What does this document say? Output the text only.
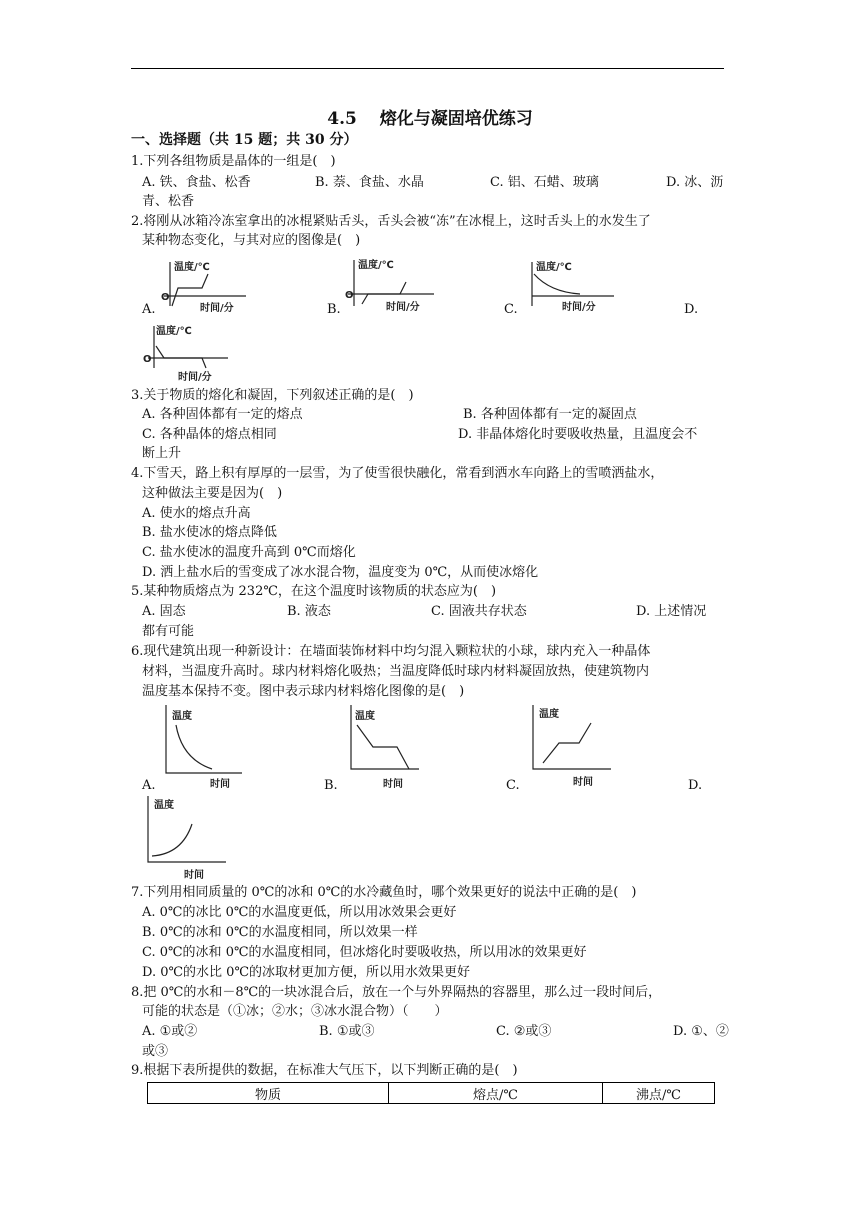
4.5　 熔化与凝固培优练习
一、选择题（共 15 题；共 30 分）
1.下列各组物质是晶体的一组是(　)
A. 铁、食盐、松香	B. 萘、食盐、水晶	C. 铝、石蜡、玻璃	D. 冰、沥
青、松香
2.将刚从冰箱冷冻室拿出的冰棍紧贴舌头，舌头会被“冻”在冰棍上，这时舌头上的水发生了
某种物态变化，与其对应的图像是(　)
温度/℃
O
时间/分
A.
温度/℃
O
时间/分
B.
温度/℃
时间/分
C.	D.
温度/℃
O
时间/分
3.关于物质的熔化和凝固，下列叙述正确的是(　)
A. 各种固体都有一定的熔点	B. 各种固体都有一定的凝固点
C. 各种晶体的熔点相同	D. 非晶体熔化时要吸收热量，且温度会不
断上升
4.下雪天，路上积有厚厚的一层雪，为了使雪很快融化，常看到洒水车向路上的雪喷洒盐水，
这种做法主要是因为(　)
A. 使水的熔点升高
B. 盐水使冰的熔点降低
C. 盐水使冰的温度升高到 0℃而熔化
D. 洒上盐水后的雪变成了冰水混合物，温度变为 0℃，从而使冰熔化
5.某种物质熔点为 232℃，在这个温度时该物质的状态应为(　)
A. 固态	B. 液态	C. 固液共存状态	D. 上述情况
都有可能
6.现代建筑出现一种新设计：在墙面装饰材料中均匀混入颗粒状的小球，球内充入一种晶体
材料，当温度升高时。球内材料熔化吸热；当温度降低时球内材料凝固放热，使建筑物内
温度基本保持不变。图中表示球内材料熔化图像的是(　)
温度
时间
A.
温度
时间
B.
温度
时间
C.	D.
温度
时间
7.下列用相同质量的 0℃的冰和 0℃的水冷藏鱼时，哪个效果更好的说法中正确的是(　)
A. 0℃的冰比 0℃的水温度更低，所以用冰效果会更好
B. 0℃的冰和 0℃的水温度相同，所以效果一样
C. 0℃的冰和 0℃的水温度相同，但冰熔化时要吸收热，所以用冰的效果更好
D. 0℃的水比 0℃的冰取材更加方便，所以用水效果更好
8.把 0℃的水和－8℃的一块冰混合后，放在一个与外界隔热的容器里，那么过一段时间后，
可能的状态是（①冰；②水；③冰水混合物）（　　）
A. ①或②	B. ①或③	C. ②或③	D. ①、②
或③
9.根据下表所提供的数据，在标准大气压下，以下判断正确的是(　)
物质	熔点/℃	沸点/℃
